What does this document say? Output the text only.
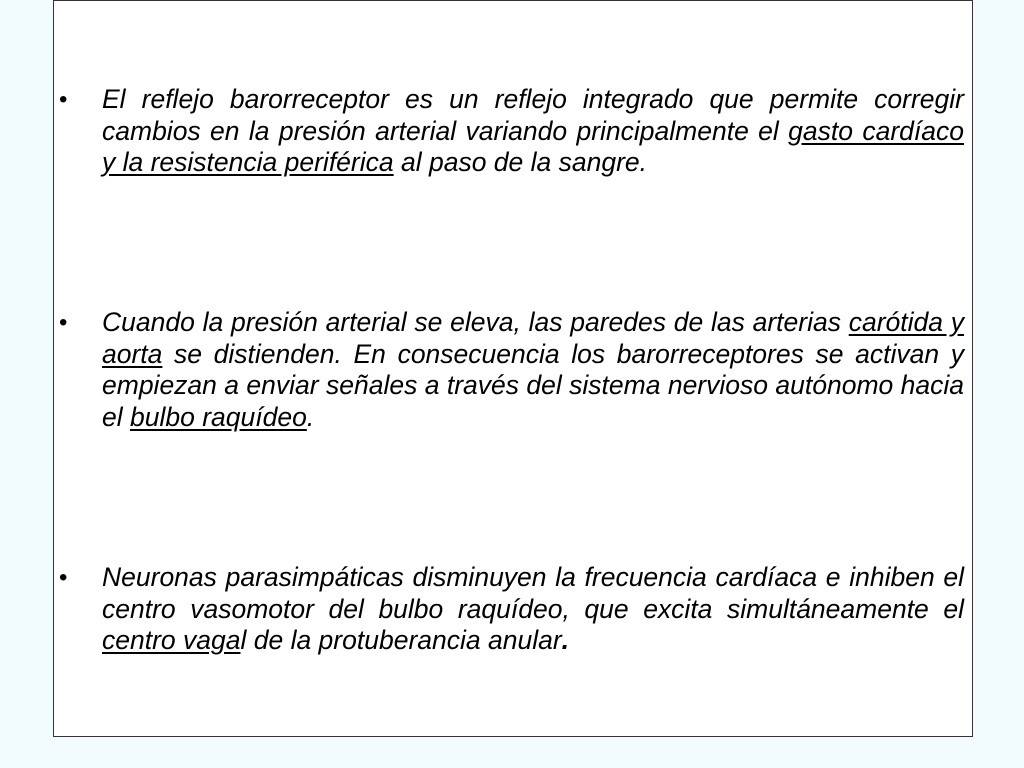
• El reflejo barorreceptor es un reflejo integrado que permite corregir cambios en la presión arterial variando principalmente el gasto cardíaco y la resistencia periférica al paso de la sangre.
• Cuando la presión arterial se eleva, las paredes de las arterias carótida y aorta se distienden. En consecuencia los barorreceptores se activan y empiezan a enviar señales a través del sistema nervioso autónomo hacia el bulbo raquídeo.
• Neuronas parasimpáticas disminuyen la frecuencia cardíaca e inhiben el centro vasomotor del bulbo raquídeo, que excita simultáneamente el centro vagal de la protuberancia anular.
